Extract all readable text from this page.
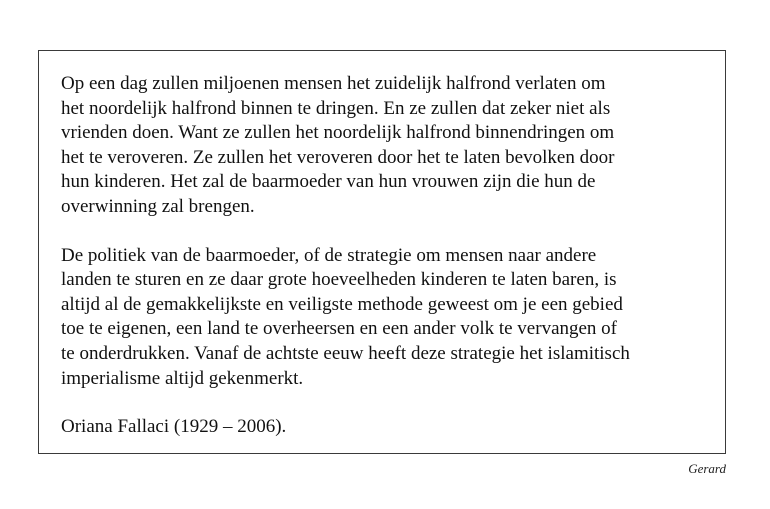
Op een dag zullen miljoenen mensen het zuidelijk halfrond verlaten om
het noordelijk halfrond binnen te dringen. En ze zullen dat zeker niet als
vrienden doen. Want ze zullen het noordelijk halfrond binnendringen om
het te veroveren. Ze zullen het veroveren door het te laten bevolken door
hun kinderen. Het zal de baarmoeder van hun vrouwen zijn die hun de
overwinning zal brengen.

De politiek van de baarmoeder, of de strategie om mensen naar andere
landen te sturen en ze daar grote hoeveelheden kinderen te laten baren, is
altijd al de gemakkelijkste en veiligste methode geweest om je een gebied
toe te eigenen, een land te overheersen en een ander volk te vervangen of
te onderdrukken. Vanaf de achtste eeuw heeft deze strategie het islamitisch
imperialisme altijd gekenmerkt.

Oriana Fallaci (1929 – 2006).
Gerard
